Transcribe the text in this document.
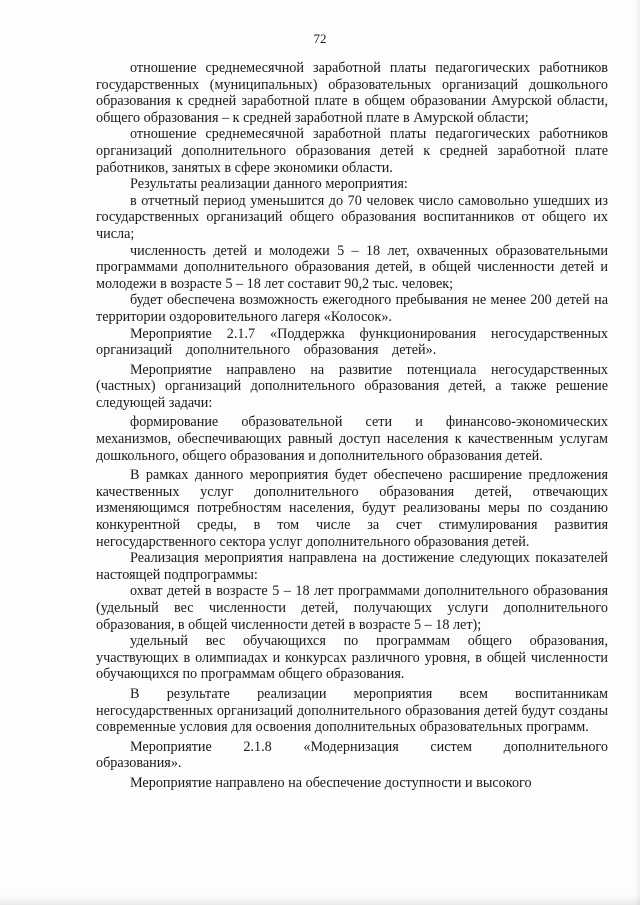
72

отношение среднемесячной заработной платы педагогических работников государственных (муниципальных) образовательных организаций дошкольного образования к средней заработной плате в общем образовании Амурской области, общего образования – к средней заработной плате в Амурской области;

отношение среднемесячной заработной платы педагогических работников организаций дополнительного образования детей к средней заработной плате работников, занятых в сфере экономики области.

Результаты реализации данного мероприятия:

в отчетный период уменьшится до 70 человек число самовольно ушедших из государственных организаций общего образования воспитанников от общего их числа;

численность детей и молодежи 5 – 18 лет, охваченных образовательными программами дополнительного образования детей, в общей численности детей и молодежи в возрасте 5 – 18 лет составит 90,2 тыс. человек;

будет обеспечена возможность ежегодного пребывания не менее 200 детей на территории оздоровительного лагеря «Колосок».

Мероприятие 2.1.7 «Поддержка функционирования негосударственных организаций дополнительного образования детей».

Мероприятие направлено на развитие потенциала негосударственных (частных) организаций дополнительного образования детей, а также решение следующей задачи:

формирование образовательной сети и финансово-экономических механизмов, обеспечивающих равный доступ населения к качественным услугам дошкольного, общего образования и дополнительного образования детей.

В рамках данного мероприятия будет обеспечено расширение предложения качественных услуг дополнительного образования детей, отвечающих изменяющимся потребностям населения, будут реализованы меры по созданию конкурентной среды, в том числе за счет стимулирования развития негосударственного сектора услуг дополнительного образования детей.

Реализация мероприятия направлена на достижение следующих показателей настоящей подпрограммы:

охват детей в возрасте 5 – 18 лет программами дополнительного образования (удельный вес численности детей, получающих услуги дополнительного образования, в общей численности детей в возрасте 5 – 18 лет);

удельный вес обучающихся по программам общего образования, участвующих в олимпиадах и конкурсах различного уровня, в общей численности обучающихся по программам общего образования.

В результате реализации мероприятия всем воспитанникам негосударственных организаций дополнительного образования детей будут созданы современные условия для освоения дополнительных образовательных программ.

Мероприятие 2.1.8 «Модернизация систем дополнительного образования».

Мероприятие направлено на обеспечение доступности и высокого
